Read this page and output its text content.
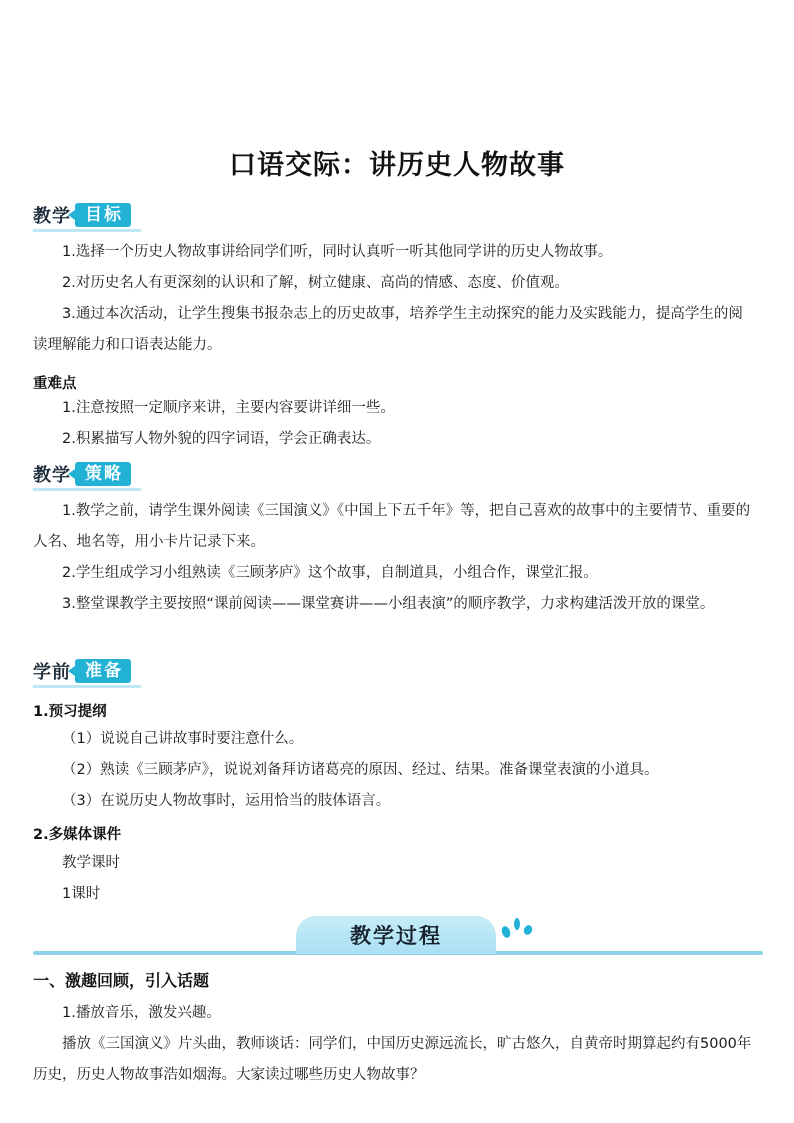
口语交际：讲历史人物故事
教学 目标
1.选择一个历史人物故事讲给同学们听，同时认真听一听其他同学讲的历史人物故事。
2.对历史名人有更深刻的认识和了解，树立健康、高尚的情感、态度、价值观。
3.通过本次活动，让学生搜集书报杂志上的历史故事，培养学生主动探究的能力及实践能力，提高学生的阅读理解能力和口语表达能力。
重难点
1.注意按照一定顺序来讲，主要内容要讲详细一些。
2.积累描写人物外貌的四字词语，学会正确表达。
教学 策略
1.教学之前，请学生课外阅读《三国演义》《中国上下五千年》等，把自己喜欢的故事中的主要情节、重要的人名、地名等，用小卡片记录下来。
2.学生组成学习小组熟读《三顾茅庐》这个故事，自制道具，小组合作，课堂汇报。
3.整堂课教学主要按照“课前阅读——课堂赛讲——小组表演”的顺序教学，力求构建活泼开放的课堂。
学前 准备
1.预习提纲
（1）说说自己讲故事时要注意什么。
（2）熟读《三顾茅庐》，说说刘备拜访诸葛亮的原因、经过、结果。准备课堂表演的小道具。
（3）在说历史人物故事时，运用恰当的肢体语言。
2.多媒体课件
教学课时
1课时
教学过程
一、激趣回顾，引入话题
1.播放音乐，激发兴趣。
播放《三国演义》片头曲，教师谈话：同学们，中国历史源远流长，旷古悠久，自黄帝时期算起约有5000年历史，历史人物故事浩如烟海。大家读过哪些历史人物故事？
